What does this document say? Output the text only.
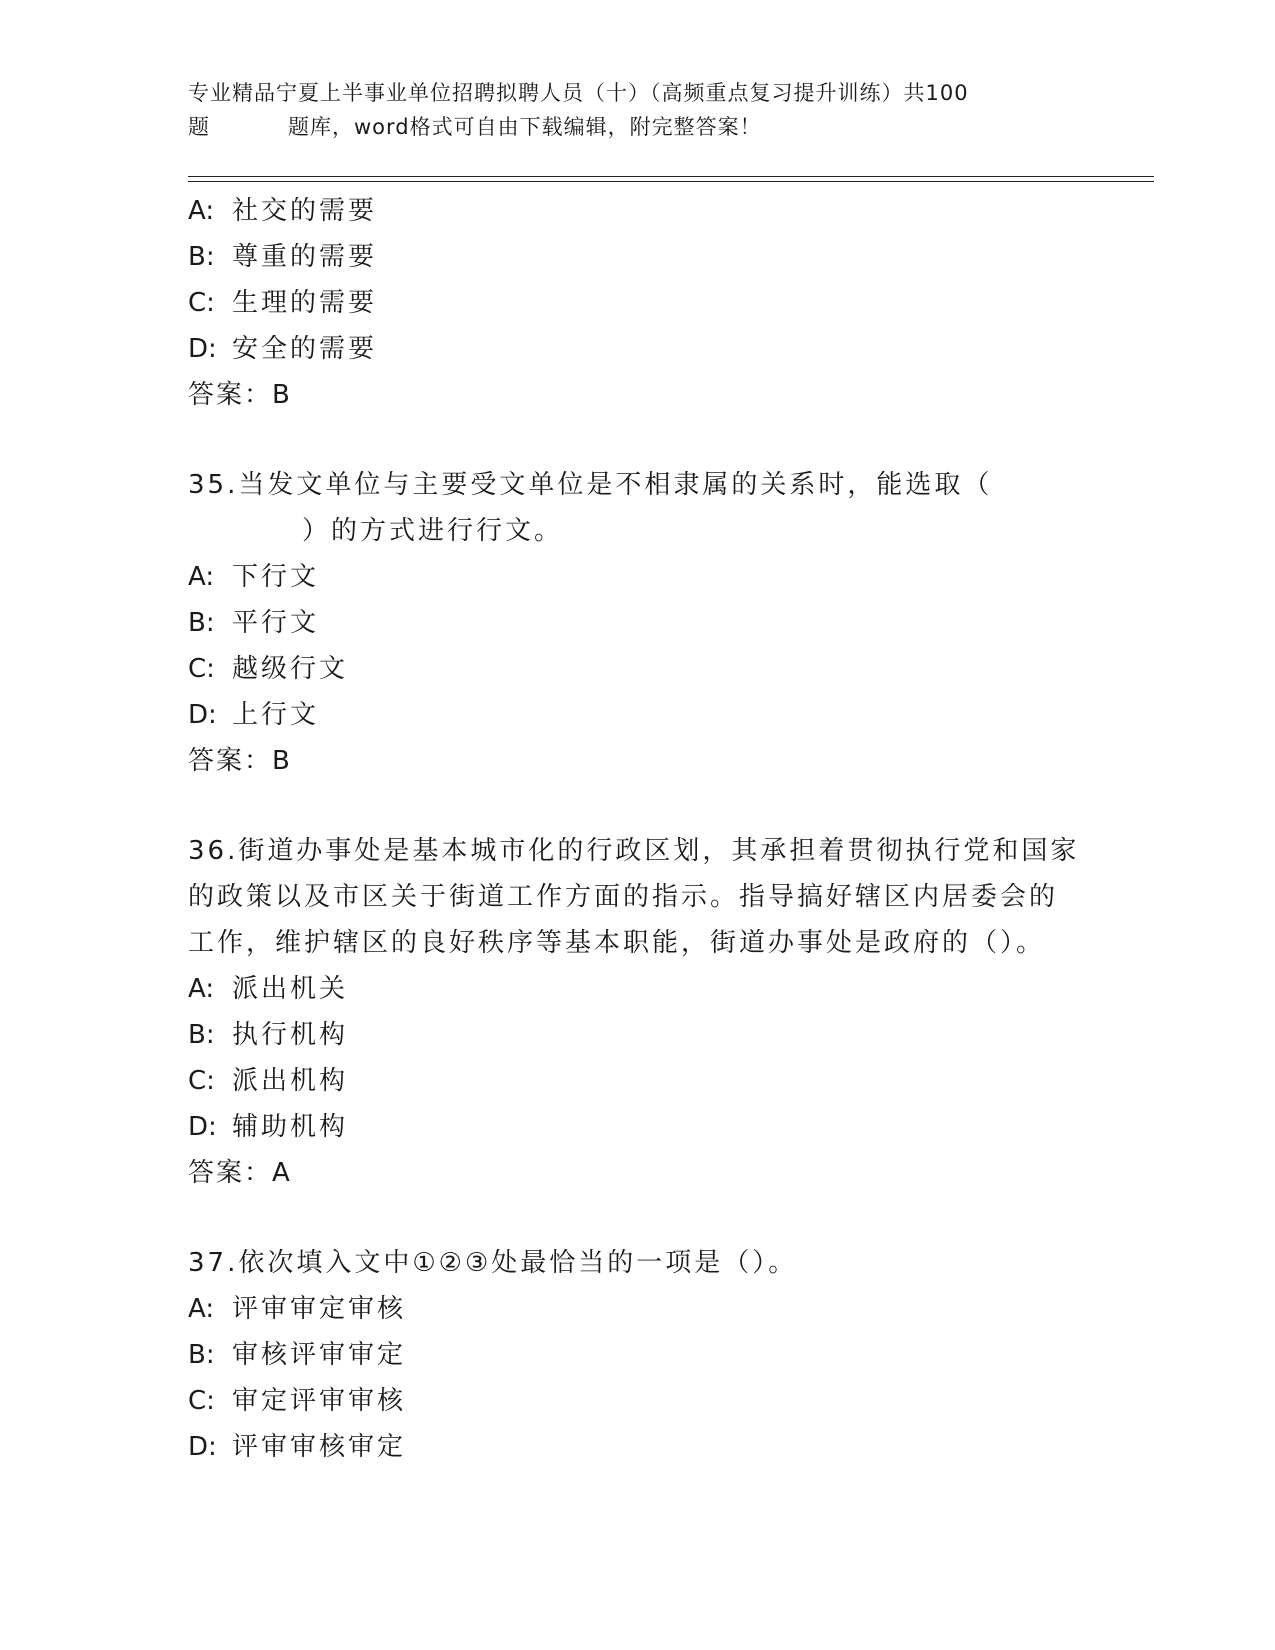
专业精品宁夏上半事业单位招聘拟聘人员（十）（高频重点复习提升训练）共100
题	题库，word格式可自由下载编辑，附完整答案！
A: 社交的需要
B: 尊重的需要
C: 生理的需要
D: 安全的需要
答案：B
35.当发文单位与主要受文单位是不相隶属的关系时，能选取（
）的方式进行行文。
A: 下行文
B: 平行文
C: 越级行文
D: 上行文
答案：B
36.街道办事处是基本城市化的行政区划，其承担着贯彻执行党和国家
的政策以及市区关于街道工作方面的指示。指导搞好辖区内居委会的
工作，维护辖区的良好秩序等基本职能，街道办事处是政府的（）。
A: 派出机关
B: 执行机构
C: 派出机构
D: 辅助机构
答案：A
37.依次填入文中①②③处最恰当的一项是（）。
A: 评审审定审核
B: 审核评审审定
C: 审定评审审核
D: 评审审核审定
